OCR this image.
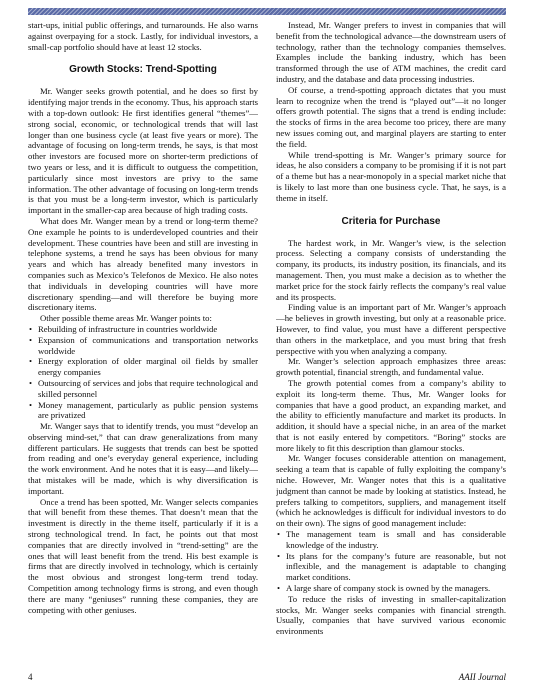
start-ups, initial public offerings, and turnarounds. He also warns against overpaying for a stock. Lastly, for individual investors, a small-cap portfolio should have at least 12 stocks.

Growth Stocks: Trend-Spotting

Mr. Wanger seeks growth potential, and he does so first by identifying major trends in the economy. Thus, his approach starts with a top-down outlook: He first identifies general “themes”—strong social, economic, or technological trends that will last longer than one business cycle (at least five years or more). The advantage of focusing on long-term trends, he says, is that most other investors are focused more on shorter-term predictions of two years or less, and it is difficult to outguess the competition, particularly since most investors are privy to the same information. The other advantage of focusing on long-term trends is that you must be a long-term investor, which is particularly important in the smaller-cap area because of high trading costs.

What does Mr. Wanger mean by a trend or long-term theme? One example he points to is underdeveloped countries and their development. These countries have been and still are investing in telephone systems, a trend he says has been obvious for many years and which has already benefited many investors in companies such as Mexico’s Telefonos de Mexico. He also notes that individuals in developing countries will have more discretionary spending—and will therefore be buying more discretionary items.

Other possible theme areas Mr. Wanger points to:

• Rebuilding of infrastructure in countries worldwide
• Expansion of communications and transportation networks worldwide
• Energy exploration of older marginal oil fields by smaller energy companies
• Outsourcing of services and jobs that require technological and skilled personnel
• Money management, particularly as public pension systems are privatized

Mr. Wanger says that to identify trends, you must “develop an observing mind-set,” that can draw generalizations from many different particulars. He suggests that trends can best be spotted from reading and one’s everyday general experience, including the work environment. And he notes that it is easy—and likely—that mistakes will be made, which is why diversification is important.

Once a trend has been spotted, Mr. Wanger selects companies that will benefit from these themes. That doesn’t mean that the investment is directly in the theme itself, particularly if it is a strong technological trend. In fact, he points out that most companies that are directly involved in “trend-setting” are the ones that will least benefit from the trend. His best example is firms that are directly involved in technology, which is certainly the most obvious and strongest long-term trend today. Competition among technology firms is strong, and even though there are many “geniuses” running these companies, they are competing with other geniuses.

Instead, Mr. Wanger prefers to invest in companies that will benefit from the technological advance—the downstream users of technology, rather than the technology companies themselves. Examples include the banking industry, which has been transformed through the use of ATM machines, the credit card industry, and the database and data processing industries.

Of course, a trend-spotting approach dictates that you must learn to recognize when the trend is “played out”—it no longer offers growth potential. The signs that a trend is ending include: the stocks of firms in the area become too pricey, there are many new issues coming out, and marginal players are starting to enter the field.

While trend-spotting is Mr. Wanger’s primary source for ideas, he also considers a company to be promising if it is not part of a theme but has a near-monopoly in a special market niche that is likely to last more than one business cycle. That, he says, is a theme in itself.

Criteria for Purchase

The hardest work, in Mr. Wanger’s view, is the selection process. Selecting a company consists of understanding the company, its products, its industry position, its financials, and its management. Then, you must make a decision as to whether the market price for the stock fairly reflects the company’s real value and its prospects.

Finding value is an important part of Mr. Wanger’s approach—he believes in growth investing, but only at a reasonable price. However, to find value, you must have a different perspective than others in the marketplace, and you must bring that fresh perspective with you when analyzing a company.

Mr. Wanger’s selection approach emphasizes three areas: growth potential, financial strength, and fundamental value.

The growth potential comes from a company’s ability to exploit its long-term theme. Thus, Mr. Wanger looks for companies that have a good product, an expanding market, and the ability to efficiently manufacture and market its products. In addition, it should have a special niche, in an area of the market that is not easily entered by competitors. “Boring” stocks are more likely to fit this description than glamour stocks.

Mr. Wanger focuses considerable attention on management, seeking a team that is capable of fully exploiting the company’s niche. However, Mr. Wanger notes that this is a qualitative judgment than cannot be made by looking at statistics. Instead, he prefers talking to competitors, suppliers, and management itself (which he acknowledges is difficult for individual investors to do on their own). The signs of good management include:

• The management team is small and has considerable knowledge of the industry.
• Its plans for the company’s future are reasonable, but not inflexible, and the management is adaptable to changing market conditions.
• A large share of company stock is owned by the managers.

To reduce the risks of investing in smaller-capitalization stocks, Mr. Wanger seeks companies with financial strength. Usually, companies that have survived various economic environments

4	AAII Journal
